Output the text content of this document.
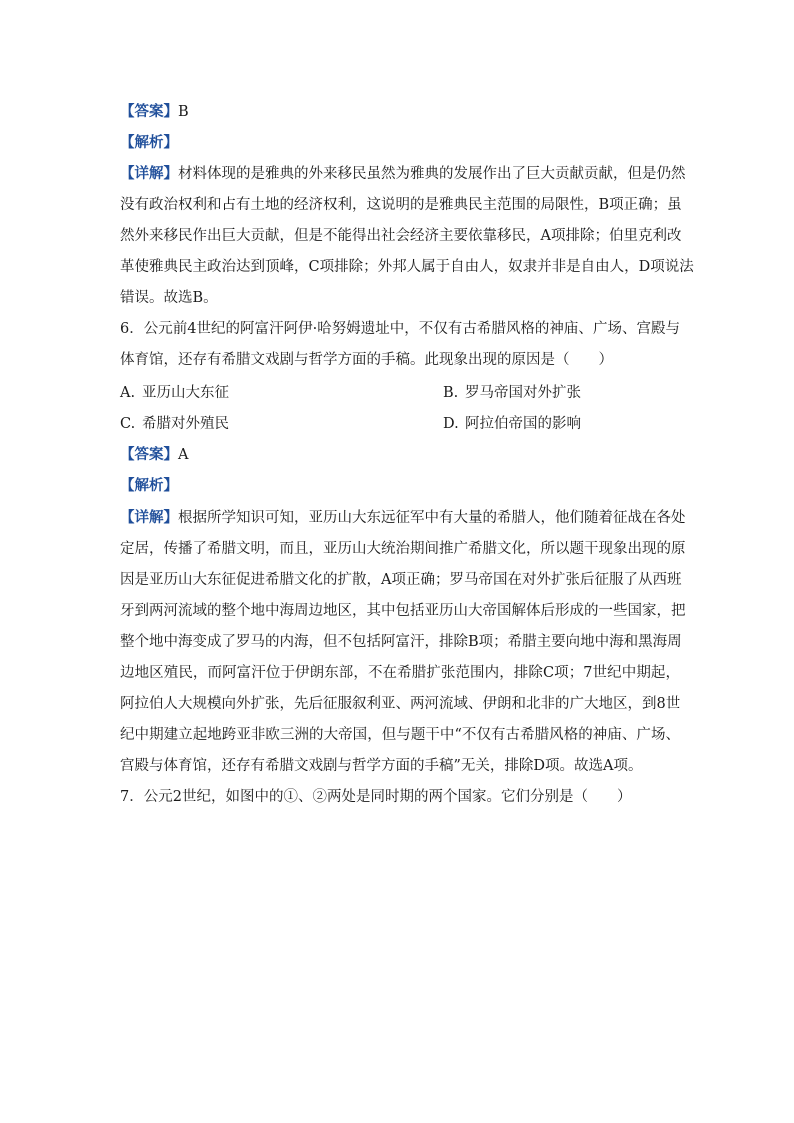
【答案】B
【解析】
【详解】材料体现的是雅典的外来移民虽然为雅典的发展作出了巨大贡献贡献，但是仍然
没有政治权利和占有土地的经济权利，这说明的是雅典民主范围的局限性，B项正确；虽
然外来移民作出巨大贡献，但是不能得出社会经济主要依靠移民，A项排除；伯里克利改
革使雅典民主政治达到顶峰，C项排除；外邦人属于自由人，奴隶并非是自由人，D项说法
错误。故选B。
6．公元前4世纪的阿富汗阿伊·哈努姆遗址中，不仅有古希腊风格的神庙、广场、宫殿与
体育馆，还存有希腊文戏剧与哲学方面的手稿。此现象出现的原因是（　　）
A. 亚历山大东征	B. 罗马帝国对外扩张
C. 希腊对外殖民	D. 阿拉伯帝国的影响
【答案】A
【解析】
【详解】根据所学知识可知，亚历山大东远征军中有大量的希腊人，他们随着征战在各处
定居，传播了希腊文明，而且，亚历山大统治期间推广希腊文化，所以题干现象出现的原
因是亚历山大东征促进希腊文化的扩散，A项正确；罗马帝国在对外扩张后征服了从西班
牙到两河流域的整个地中海周边地区，其中包括亚历山大帝国解体后形成的一些国家，把
整个地中海变成了罗马的内海，但不包括阿富汗，排除B项；希腊主要向地中海和黑海周
边地区殖民，而阿富汗位于伊朗东部，不在希腊扩张范围内，排除C项；7世纪中期起，
阿拉伯人大规模向外扩张，先后征服叙利亚、两河流域、伊朗和北非的广大地区，到8世
纪中期建立起地跨亚非欧三洲的大帝国，但与题干中“不仅有古希腊风格的神庙、广场、
宫殿与体育馆，还存有希腊文戏剧与哲学方面的手稿”无关，排除D项。故选A项。
7．公元2世纪，如图中的①、②两处是同时期的两个国家。它们分别是（　　）
